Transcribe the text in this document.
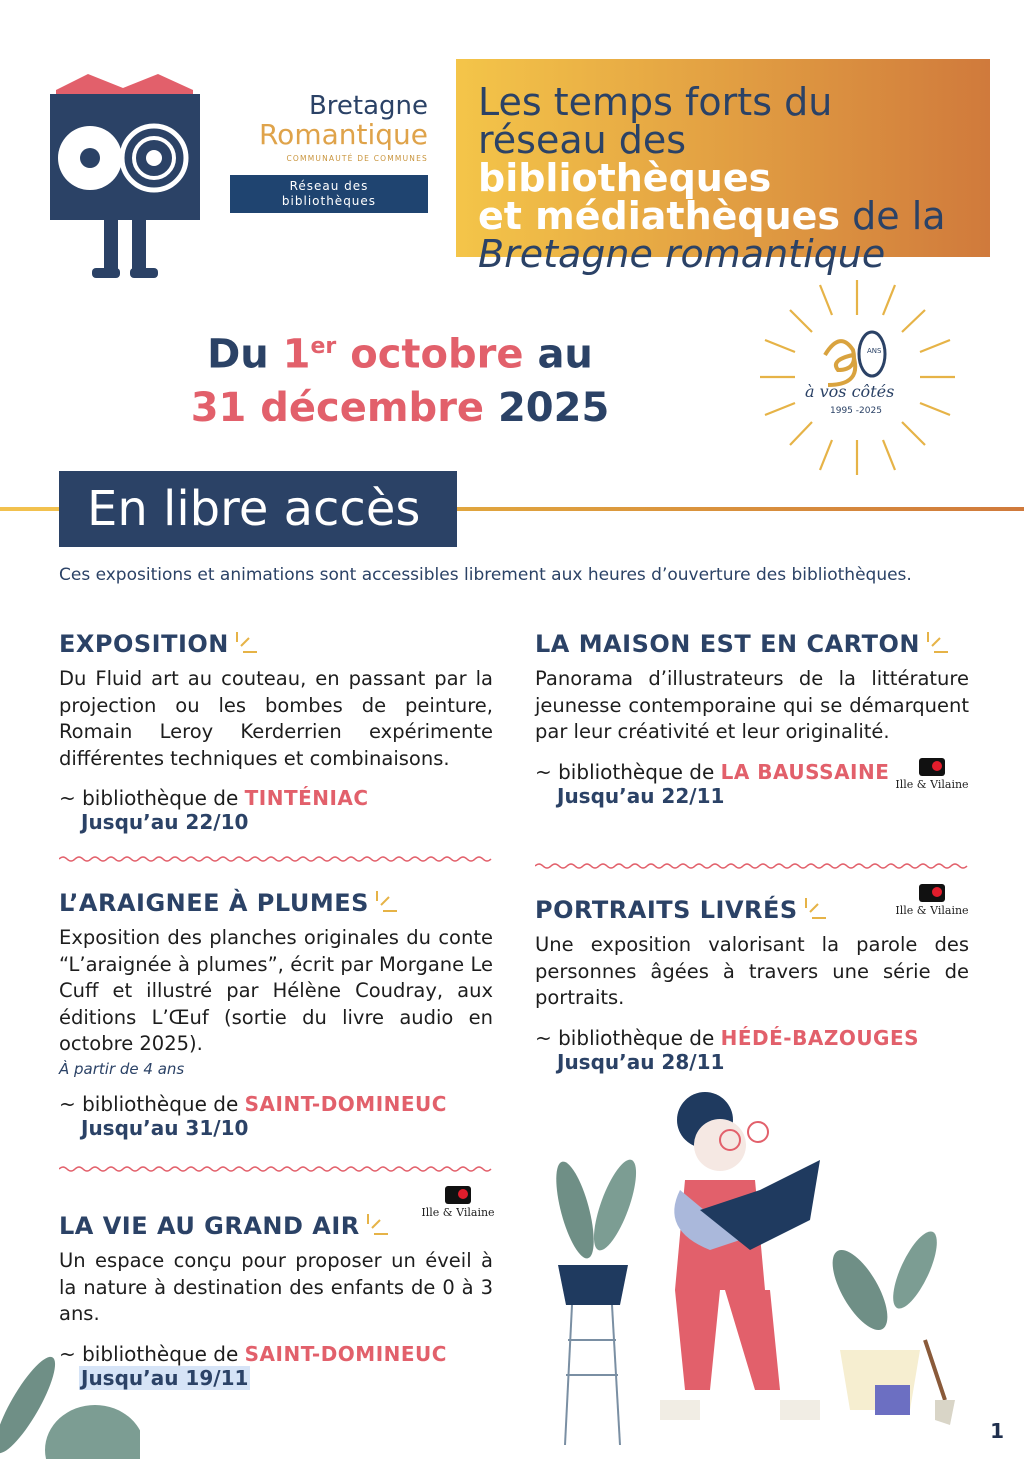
Bretagne
Romantique
COMMUNAUTÉ DE COMMUNES
Réseau des
bibliothèques
Les temps forts du
réseau des bibliothèques
et médiathèques de la
Bretagne romantique
Du 1er octobre au
31 décembre 2025
ANS
à vos côtés
1995 -2025
En libre accès
Ces expositions et animations sont accessibles librement aux heures d’ouverture des bibliothèques.
EXPOSITION

Du Fluid art au couteau, en passant par la projection ou les bombes de peinture, Romain Leroy Kerderrien expérimente différentes techniques et combinaisons.

~ bibliothèque de TINTÉNIAC
Jusqu’au 22/10
L’ARAIGNEE À PLUMES

Exposition des planches originales du conte “L’araignée à plumes”, écrit par Morgane Le Cuff et illustré par Hélène Coudray, aux éditions L’Œuf (sortie du livre audio en octobre 2025).

À partir de 4 ans
~ bibliothèque de SAINT-DOMINEUC
Jusqu’au 31/10
LA VIE AU GRAND AIR

Un espace conçu pour proposer un éveil à la nature à destination des enfants de 0 à 3 ans.

~ bibliothèque de SAINT-DOMINEUC
Jusqu’au 19/11
Ille & Vilaine
LA MAISON EST EN CARTON

Panorama d’illustrateurs de la littérature jeunesse contemporaine qui se démarquent par leur créativité et leur originalité.

~ bibliothèque de LA BAUSSAINE
Jusqu’au 22/11	Ille & Vilaine
PORTRAITS LIVRÉS

Une exposition valorisant la parole des personnes âgées à travers une série de portraits.

~ bibliothèque de HÉDÉ-BAZOUGES
Jusqu’au 28/11
Ille & Vilaine
1
